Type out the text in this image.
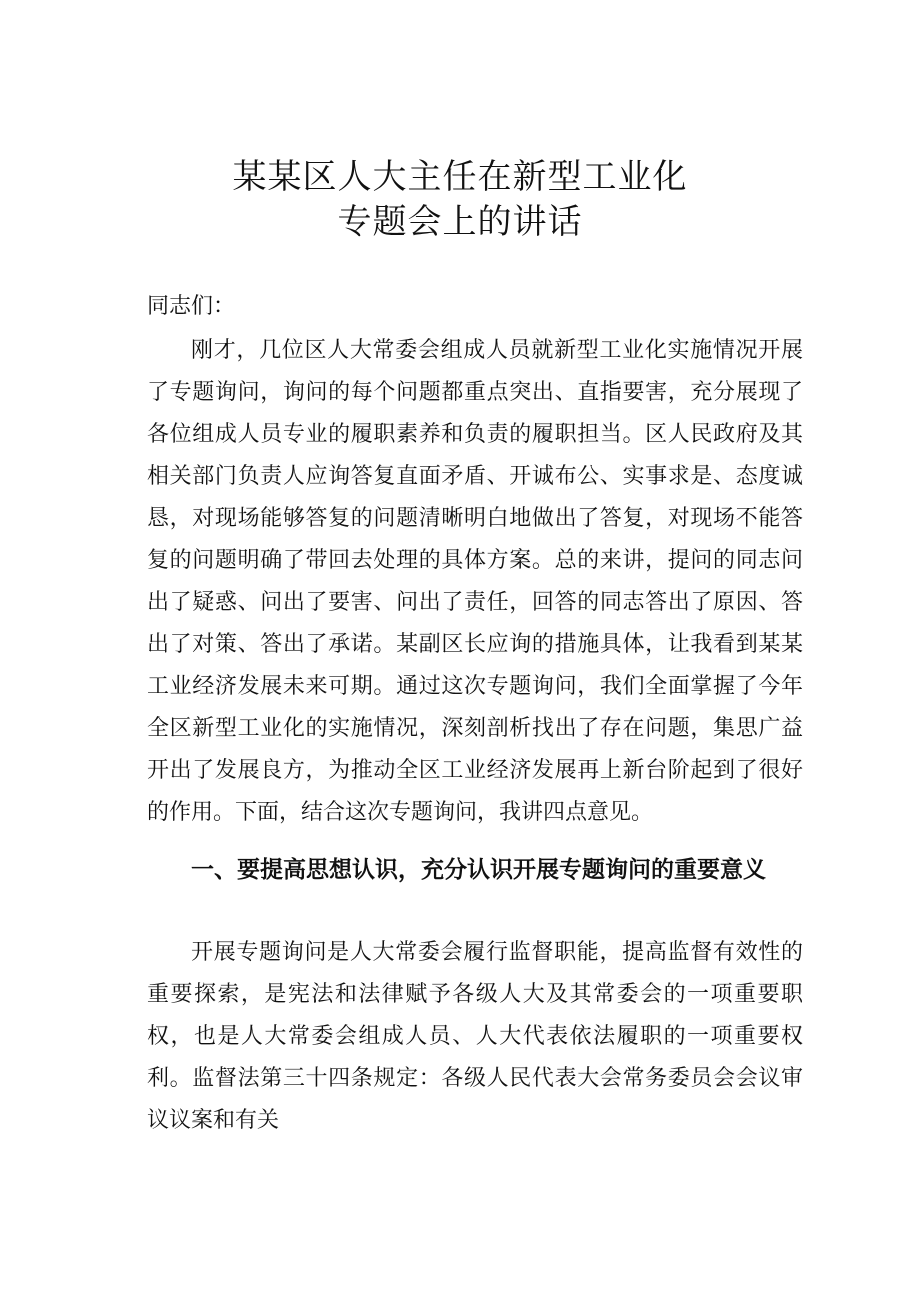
某某区人大主任在新型工业化
专题会上的讲话

同志们：

刚才，几位区人大常委会组成人员就新型工业化实施情况开展了专题询问，询问的每个问题都重点突出、直指要害，充分展现了各位组成人员专业的履职素养和负责的履职担当。区人民政府及其相关部门负责人应询答复直面矛盾、开诚布公、实事求是、态度诚恳，对现场能够答复的问题清晰明白地做出了答复，对现场不能答复的问题明确了带回去处理的具体方案。总的来讲，提问的同志问出了疑惑、问出了要害、问出了责任，回答的同志答出了原因、答出了对策、答出了承诺。某副区长应询的措施具体，让我看到某某工业经济发展未来可期。通过这次专题询问，我们全面掌握了今年全区新型工业化的实施情况，深刻剖析找出了存在问题，集思广益开出了发展良方，为推动全区工业经济发展再上新台阶起到了很好的作用。下面，结合这次专题询问，我讲四点意见。

一、要提高思想认识，充分认识开展专题询问的重要意义

开展专题询问是人大常委会履行监督职能，提高监督有效性的重要探索，是宪法和法律赋予各级人大及其常委会的一项重要职权，也是人大常委会组成人员、人大代表依法履职的一项重要权利。监督法第三十四条规定：各级人民代表大会常务委员会会议审议议案和有关
